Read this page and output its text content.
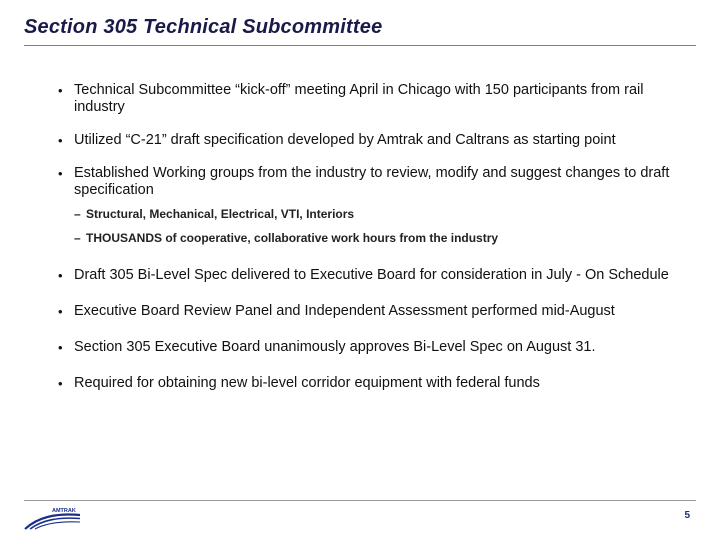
Section 305 Technical Subcommittee
• Technical Subcommittee “kick-off” meeting April in Chicago with 150 participants from rail industry
• Utilized “C-21” draft specification developed by Amtrak and Caltrans as starting point
• Established Working groups from the industry to review, modify and suggest changes to draft specification
– Structural, Mechanical, Electrical, VTI, Interiors
– THOUSANDS of cooperative, collaborative work hours from the industry
• Draft 305 Bi-Level Spec delivered to Executive Board for consideration in July - On Schedule
• Executive Board Review Panel and Independent Assessment performed mid-August
• Section 305 Executive Board unanimously approves Bi-Level Spec on August 31.
• Required for obtaining new bi-level corridor equipment with federal funds
AMTRAK	5
